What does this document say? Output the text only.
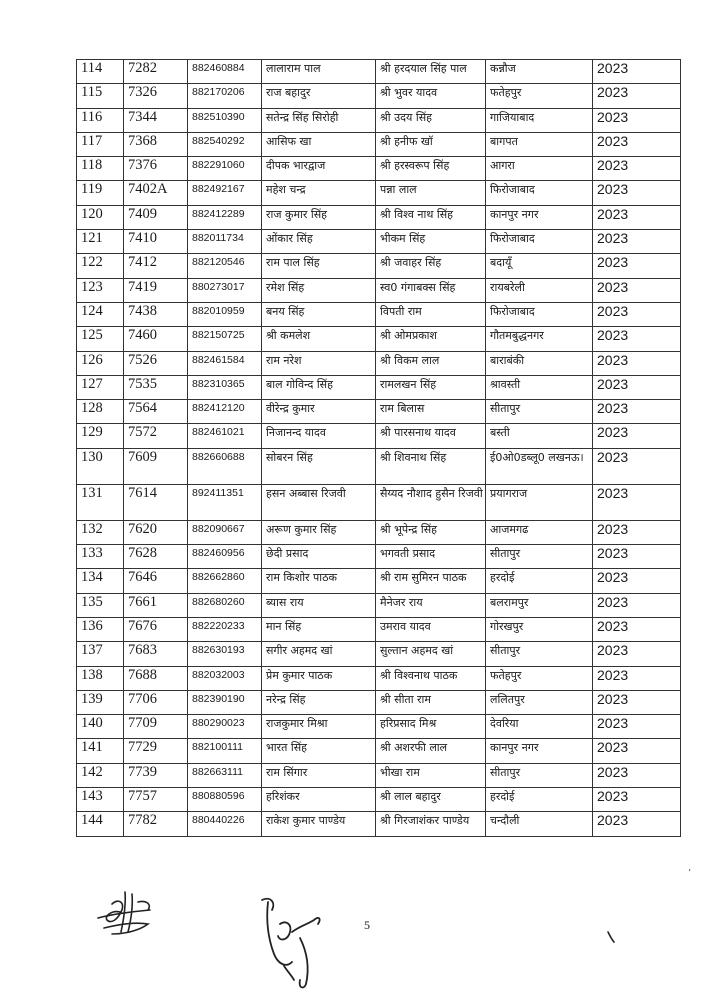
114	7282	882460884	लालाराम पाल	श्री हरदयाल सिंह पाल	कन्नौज	2023
115	7326	882170206	राज बहादुर	श्री भुवर यादव	फतेहपुर	2023
116	7344	882510390	सतेन्द्र सिंह सिरोही	श्री उदय सिंह	गाजियाबाद	2023
117	7368	882540292	आसिफ खा	श्री हनीफ खॉ	बागपत	2023
118	7376	882291060	दीपक भारद्वाज	श्री हरस्वरूप सिंह	आगरा	2023
119	7402A	882492167	महेश चन्द्र	पन्ना लाल	फिरोजाबाद	2023
120	7409	882412289	राज कुमार सिंह	श्री विश्व नाथ सिंह	कानपुर नगर	2023
121	7410	882011734	ओंकार सिंह	भीकम सिंह	फिरोजाबाद	2023
122	7412	882120546	राम पाल सिंह	श्री जवाहर सिंह	बदायूँ	2023
123	7419	880273017	रमेश सिंह	स्व0 गंगाबक्स सिंह	रायबरेली	2023
124	7438	882010959	बनय सिंह	विपती राम	फिरोजाबाद	2023
125	7460	882150725	श्री कमलेश	श्री ओमप्रकाश	गौतमबुद्धनगर	2023
126	7526	882461584	राम नरेश	श्री विकम लाल	बाराबंकी	2023
127	7535	882310365	बाल गोविन्द सिंह	रामलखन सिंह	श्रावस्ती	2023
128	7564	882412120	वीरेन्द्र कुमार	राम बिलास	सीतापुर	2023
129	7572	882461021	निजानन्द यादव	श्री पारसनाथ यादव	बस्ती	2023
130	7609	882660688	सोबरन सिंह	श्री शिवनाथ सिंह	ई0ओ0डब्लू0 लखनऊ।	2023
131	7614	892411351	हसन अब्बास रिजवी	सैय्यद नौशाद हुसैन रिजवी	प्रयागराज	2023
132	7620	882090667	अरूण कुमार सिंह	श्री भूपेन्द्र सिंह	आजमगढ	2023
133	7628	882460956	छेदी प्रसाद	भगवती प्रसाद	सीतापुर	2023
134	7646	882662860	राम किशोर पाठक	श्री राम सुमिरन पाठक	हरदोई	2023
135	7661	882680260	ब्यास राय	मैनेजर राय	बलरामपुर	2023
136	7676	882220233	मान सिंह	उमराव यादव	गोरखपुर	2023
137	7683	882630193	सगीर अहमद खां	सुल्तान अहमद खां	सीतापुर	2023
138	7688	882032003	प्रेम कुमार पाठक	श्री विश्वनाथ पाठक	फतेहपुर	2023
139	7706	882390190	नरेन्द्र सिंह	श्री सीता राम	ललितपुर	2023
140	7709	880290023	राजकुमार मिश्रा	हरिप्रसाद मिश्र	देवरिया	2023
141	7729	882100111	भारत सिंह	श्री अशरफी लाल	कानपुर नगर	2023
142	7739	882663111	राम सिंगार	भीखा राम	सीतापुर	2023
143	7757	880880596	हरिशंकर	श्री लाल बहादुर	हरदोई	2023
144	7782	880440226	राकेश कुमार पाण्डेय	श्री गिरजाशंकर पाण्डेय	चन्दौली	2023
5
’
